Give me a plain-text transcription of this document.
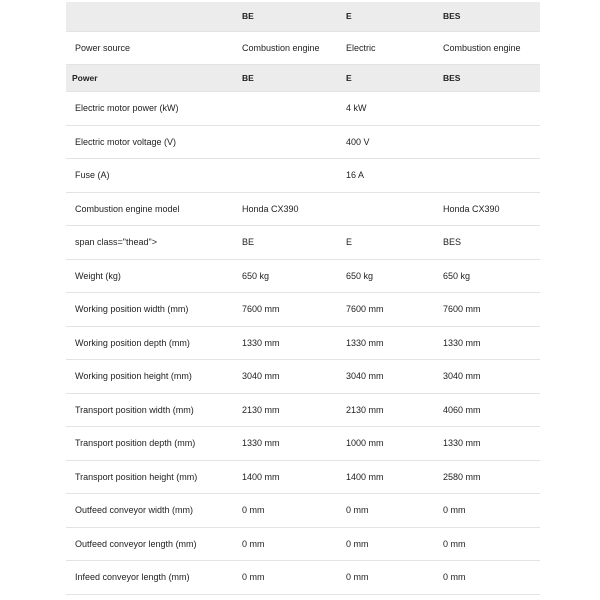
	BE	E	BES
Power source	Combustion engine	Electric	Combustion engine
Power	BE	E	BES
Electric motor power (kW)		4 kW	
Electric motor voltage (V)		400 V	
Fuse (A)		16 A	
Combustion engine model	Honda CX390		Honda CX390
span class="thead">	BE	E	BES
Weight (kg)	650 kg	650 kg	650 kg
Working position width (mm)	7600 mm	7600 mm	7600 mm
Working position depth (mm)	1330 mm	1330 mm	1330 mm
Working position height (mm)	3040 mm	3040 mm	3040 mm
Transport position width (mm)	2130 mm	2130 mm	4060 mm
Transport position depth (mm)	1330 mm	1000 mm	1330 mm
Transport position height (mm)	1400 mm	1400 mm	2580 mm
Outfeed conveyor width (mm)	0 mm	0 mm	0 mm
Outfeed conveyor length (mm)	0 mm	0 mm	0 mm
Infeed conveyor length (mm)	0 mm	0 mm	0 mm
